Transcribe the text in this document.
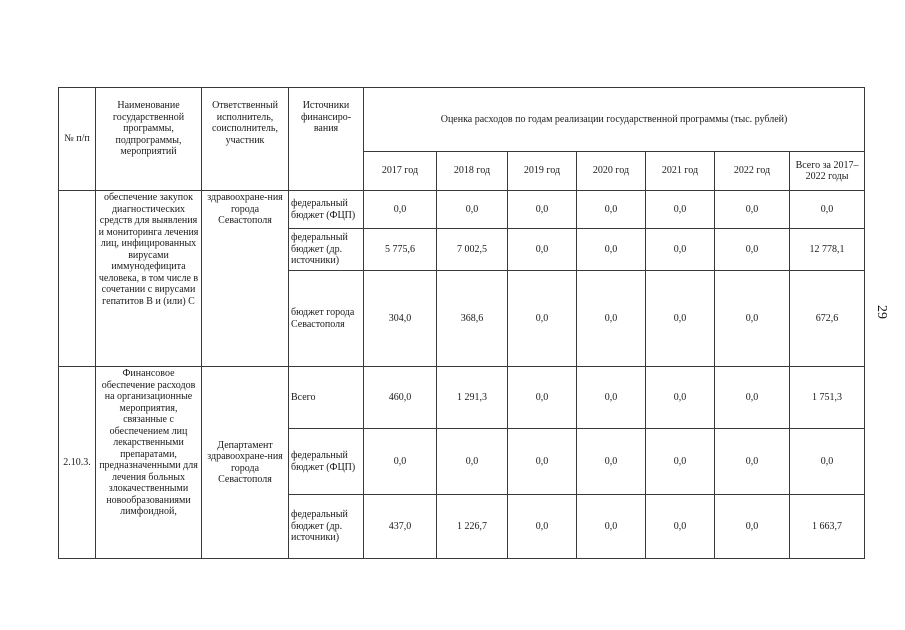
№ п/п	Наименование государственной программы, подпрограммы, мероприятий	Ответственный исполнитель, соисполнитель, участник	Источники финансиро-вания	Оценка расходов по годам реализации государственной программы (тыс. рублей)						
				2017 год	2018 год	2019 год	2020 год	2021 год	2022 год	Всего за 2017–2022 годы
	обеспечение закупок диагностических средств для выявления и мониторинга лечения лиц, инфицированных вирусами иммунодефицита человека, в том числе в сочетании с вирусами гепатитов В и (или) С	здравоохране-ния города Севастополя	федеральный бюджет (ФЦП)	0,0	0,0	0,0	0,0	0,0	0,0	0,0
			федеральный бюджет (др. источники)	5 775,6	7 002,5	0,0	0,0	0,0	0,0	12 778,1
			бюджет города Севастополя	304,0	368,6	0,0	0,0	0,0	0,0	672,6
2.10.3.	Финансовое обеспечение расходов на организационные мероприятия, связанные с обеспечением лиц лекарственными препаратами, предназначенными для лечения больных злокачественными новообразованиями лимфоидной,	Департамент здравоохране-ния города Севастополя	Всего	460,0	1 291,3	0,0	0,0	0,0	0,0	1 751,3
			федеральный бюджет (ФЦП)	0,0	0,0	0,0	0,0	0,0	0,0	0,0
			федеральный бюджет (др. источники)	437,0	1 226,7	0,0	0,0	0,0	0,0	1 663,7
29
